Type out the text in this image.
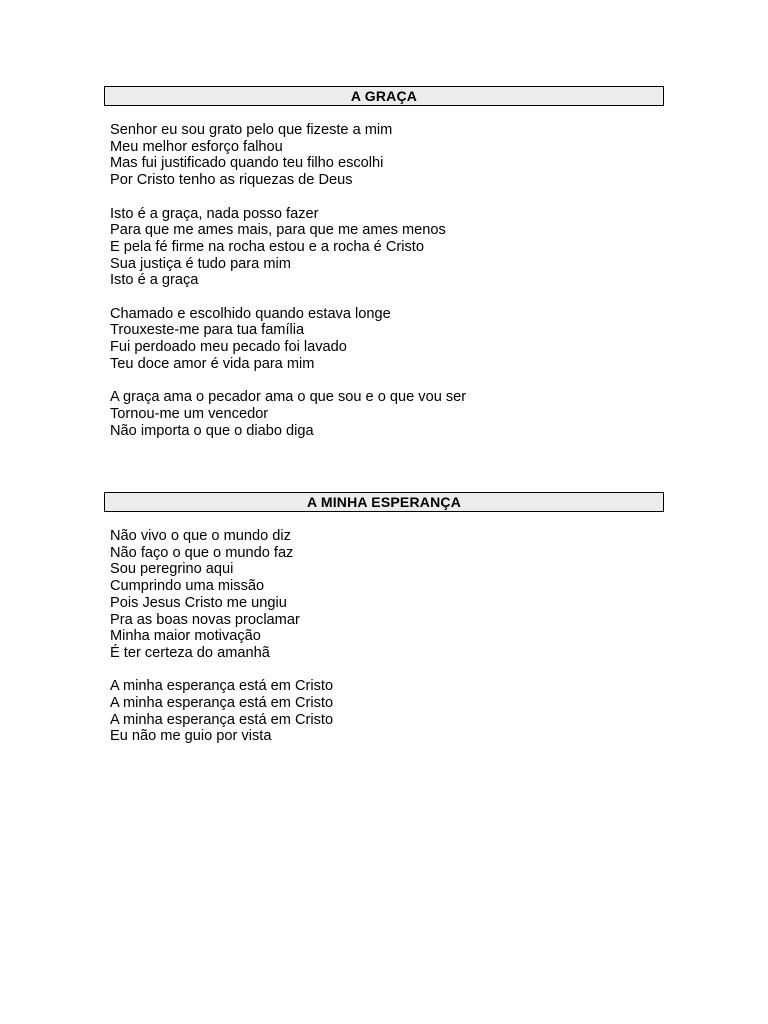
A GRAÇA
Senhor eu sou grato pelo que fizeste a mim
Meu melhor esforço falhou
Mas fui justificado quando teu filho escolhi
Por Cristo tenho as riquezas de Deus
Isto é a graça, nada posso fazer
Para que me ames mais, para que me ames menos
E pela fé firme na rocha estou e a rocha é Cristo
Sua justiça é tudo para mim
Isto é a graça
Chamado e escolhido quando estava longe
Trouxeste-me para tua família
Fui perdoado meu pecado foi lavado
Teu doce amor é vida para mim
A graça ama o pecador ama o que sou e o que vou ser
Tornou-me um vencedor
Não importa o que o diabo diga
A MINHA ESPERANÇA
Não vivo o que o mundo diz
Não faço o que o mundo faz
Sou peregrino aqui
Cumprindo uma missão
Pois Jesus Cristo me ungiu
Pra as boas novas proclamar
Minha maior motivação
É ter certeza do amanhã
A minha esperança está em Cristo
A minha esperança está em Cristo
A minha esperança está em Cristo
Eu não me guio por vista
